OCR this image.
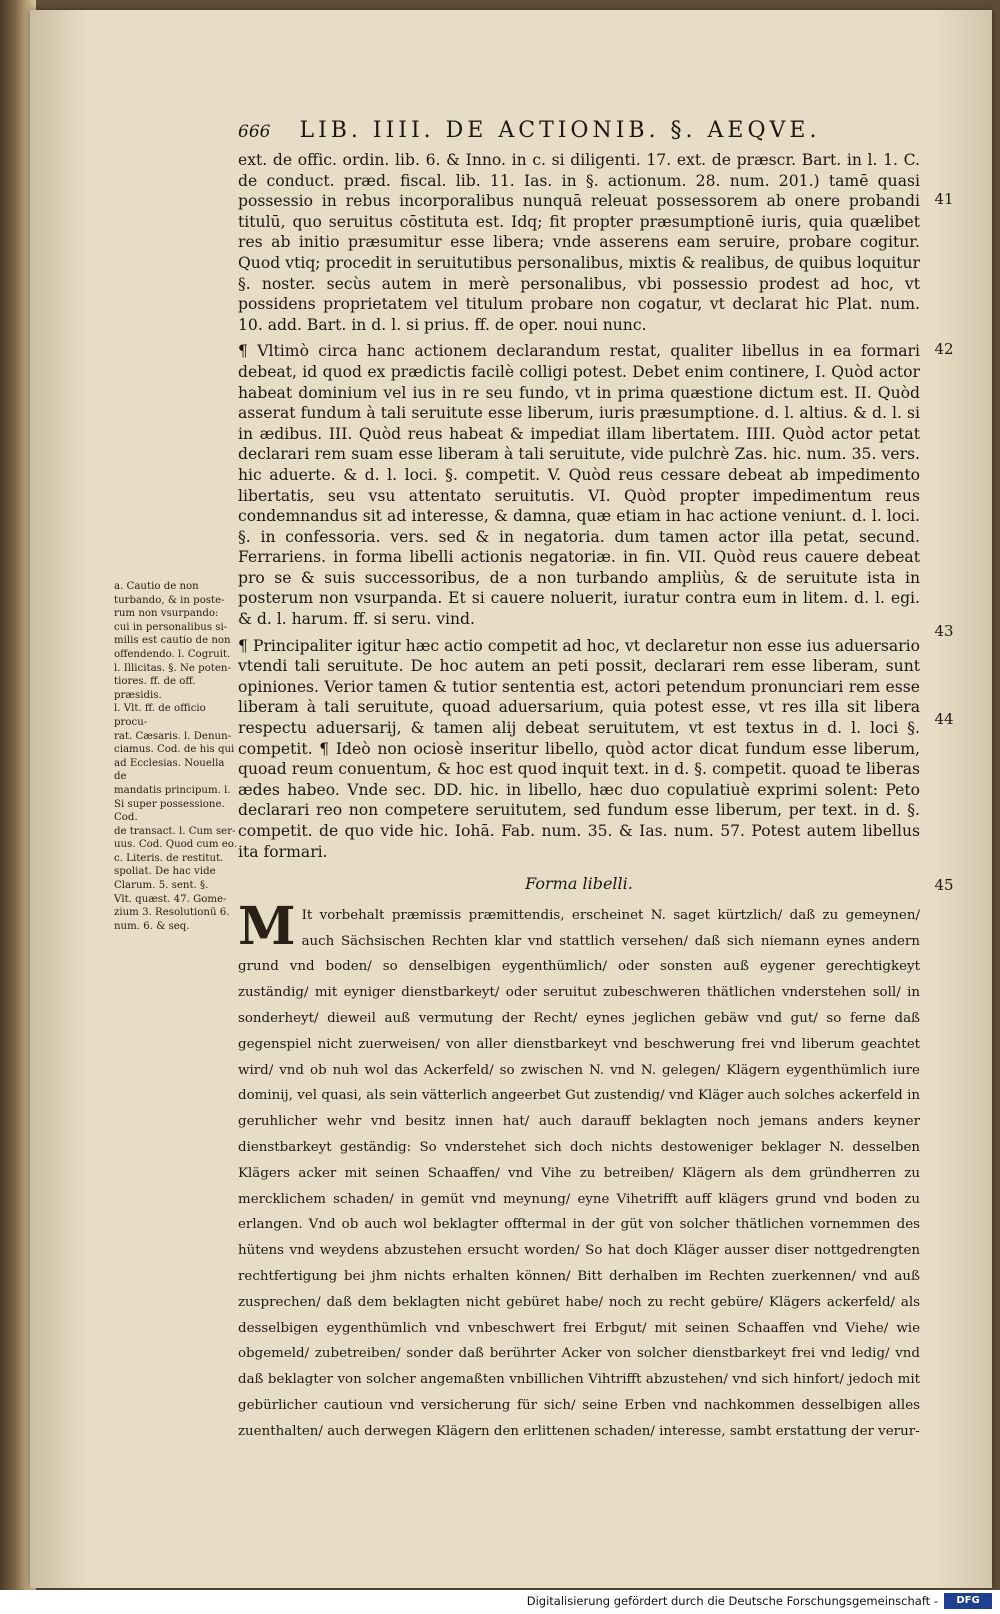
666 LIB. IIII. DE ACTIONIB. §. AEQVE.
41
42
43
44
45
a. Cautio de non
turbando, & in poste-
rum non vsurpando:
cui in personalibus si-
milis est cautio de non
offendendo. l. Cogruit.
l. Illicitas. §. Ne poten-
tiores. ff. de off. præsidis.
l. Vlt. ff. de officio procu-
rat. Cæsaris. l. Denun-
ciamus. Cod. de his qui
ad Ecclesias. Nouella de
mandatis principum. l.
Si super possessione. Cod.
de transact. l. Cum ser-
uus. Cod. Quod cum eo.
c. Literis. de restitut.
spoliat. De hac vide
Clarum. 5. sent. §.
Vlt. quæst. 47. Gome-
zium 3. Resolutionū 6.
num. 6. & seq.

ext. de offic. ordin. lib. 6. & Inno. in c. si diligenti. 17. ext. de præscr. Bart. in l. 1. C. de conduct. præd. fiscal. lib. 11. Ias. in §. actionum. 28. num. 201.) tamē quasi possessio in rebus incorporalibus nunquā releuat possessorem ab onere probandi titulū, quo seruitus cōstituta est. Idq; fit propter præsumptionē iuris, quia quælibet res ab initio præsumitur esse libera; vnde asserens eam seruire, probare cogitur. Quod vtiq; procedit in seruitutibus personalibus, mixtis & realibus, de quibus loquitur §. noster. secùs autem in merè personalibus, vbi possessio prodest ad hoc, vt possidens proprietatem vel titulum probare non cogatur, vt declarat hic Plat. num. 10. add. Bart. in d. l. si prius. ff. de oper. noui nunc.

¶ Vltimò circa hanc actionem declarandum restat, qualiter libellus in ea formari debeat, id quod ex prædictis facilè colligi potest. Debet enim continere, I. Quòd actor habeat dominium vel ius in re seu fundo, vt in prima quæstione dictum est. II. Quòd asserat fundum à tali seruitute esse liberum, iuris præsumptione. d. l. altius. & d. l. si in ædibus. III. Quòd reus habeat & impediat illam libertatem. IIII. Quòd actor petat declarari rem suam esse liberam à tali seruitute, vide pulchrè Zas. hic. num. 35. vers. hic aduerte. & d. l. loci. §. competit. V. Quòd reus cessare debeat ab impedimento libertatis, seu vsu attentato seruitutis. VI. Quòd propter impedimentum reus condemnandus sit ad interesse, & damna, quæ etiam in hac actione veniunt. d. l. loci. §. in confessoria. vers. sed & in negatoria. dum tamen actor illa petat, secund. Ferrariens. in forma libelli actionis negatoriæ. in fin. VII. Quòd reus cauere debeat pro se & suis successoribus, de a non turbando ampliùs, & de seruitute ista in posterum non vsurpanda. Et si cauere noluerit, iuratur contra eum in litem. d. l. egi. & d. l. harum. ff. si seru. vind.

¶ Principaliter igitur hæc actio competit ad hoc, vt declaretur non esse ius aduersario vtendi tali seruitute. De hoc autem an peti possit, declarari rem esse liberam, sunt opiniones. Verior tamen & tutior sententia est, actori petendum pronunciari rem esse liberam à tali seruitute, quoad aduersarium, quia potest esse, vt res illa sit libera respectu aduersarij, & tamen alij debeat seruitutem, vt est textus in d. l. loci §. competit. ¶ Ideò non ociosè inseritur libello, quòd actor dicat fundum esse liberum, quoad reum conuentum, & hoc est quod inquit text. in d. §. competit. quoad te liberas ædes habeo. Vnde sec. DD. hic. in libello, hæc duo copulatiuè exprimi solent: Peto declarari reo non competere seruitutem, sed fundum esse liberum, per text. in d. §. competit. de quo vide hic. Iohā. Fab. num. 35. & Ias. num. 57. Potest autem libellus ita formari.

Forma libelli.

M It vorbehalt præmissis præmittendis, erscheinet N. saget kürtzlich/ daß zu gemeynen/ auch Sächsischen Rechten klar vnd stattlich versehen/ daß sich niemann eynes andern grund vnd boden/ so denselbigen eygenthümlich/ oder sonsten auß eygener gerechtigkeyt zuständig/ mit eyniger dienstbarkeyt/ oder seruitut zubeschweren thätlichen vnderstehen soll/ in sonderheyt/ dieweil auß vermutung der Recht/ eynes jeglichen gebäw vnd gut/ so ferne daß gegenspiel nicht zuerweisen/ von aller dienstbarkeyt vnd beschwerung frei vnd liberum geachtet wird/ vnd ob nuh wol das Ackerfeld/ so zwischen N. vnd N. gelegen/ Klägern eygenthümlich iure dominij, vel quasi, als sein vätterlich angeerbet Gut zustendig/ vnd Kläger auch solches ackerfeld in geruhlicher wehr vnd besitz innen hat/ auch darauff beklagten noch jemans anders keyner dienstbarkeyt geständig: So vnderstehet sich doch nichts destoweniger beklager N. desselben Klägers acker mit seinen Schaaffen/ vnd Vihe zu betreiben/ Klägern als dem gründherren zu mercklichem schaden/ in gemüt vnd meynung/ eyne Vihetrifft auff klägers grund vnd boden zu erlangen. Vnd ob auch wol beklagter offtermal in der güt von solcher thätlichen vornemmen des hütens vnd weydens abzustehen ersucht worden/ So hat doch Kläger ausser diser nottgedrengten rechtfertigung bei jhm nichts erhalten können/ Bitt derhalben im Rechten zuerkennen/ vnd auß zusprechen/ daß dem beklagten nicht gebüret habe/ noch zu recht gebüre/ Klägers ackerfeld/ als desselbigen eygenthümlich vnd vnbeschwert frei Erbgut/ mit seinen Schaaffen vnd Viehe/ wie obgemeld/ zubetreiben/ sonder daß berührter Acker von solcher dienstbarkeyt frei vnd ledig/ vnd daß beklagter von solcher angemaßten vnbillichen Vihtrifft abzustehen/ vnd sich hinfort/ jedoch mit gebürlicher cautioun vnd versicherung für sich/ seine Erben vnd nachkommen desselbigen alles zuenthalten/ auch derwegen Klägern den erlittenen schaden/ interesse, sambt erstattung der verur-
Digitalisierung gefördert durch die Deutsche Forschungsgemeinschaft -	DFG
